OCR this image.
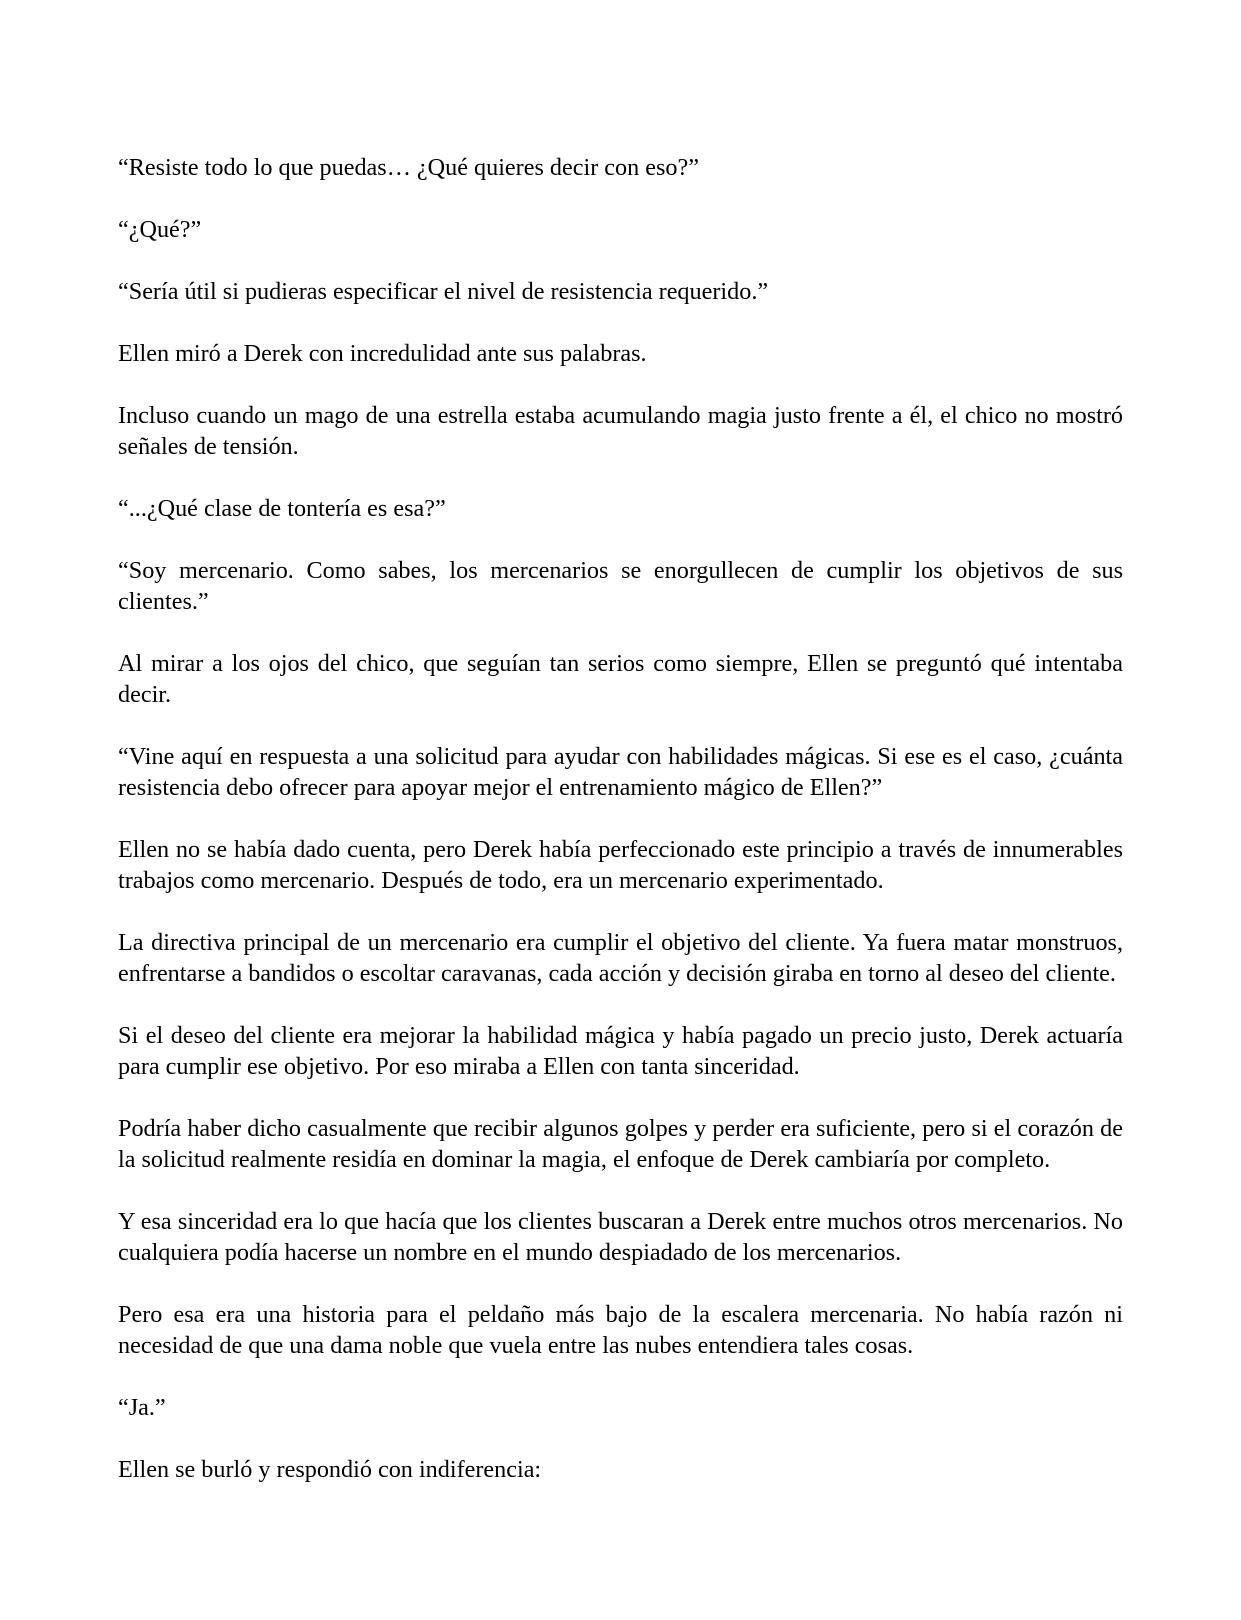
“Resiste todo lo que puedas… ¿Qué quieres decir con eso?”

“¿Qué?”

“Sería útil si pudieras especificar el nivel de resistencia requerido.”

Ellen miró a Derek con incredulidad ante sus palabras.

Incluso cuando un mago de una estrella estaba acumulando magia justo frente a él, el chico no mostró señales de tensión.

“...¿Qué clase de tontería es esa?”

“Soy mercenario. Como sabes, los mercenarios se enorgullecen de cumplir los objetivos de sus clientes.”

Al mirar a los ojos del chico, que seguían tan serios como siempre, Ellen se preguntó qué intentaba decir.

“Vine aquí en respuesta a una solicitud para ayudar con habilidades mágicas. Si ese es el caso, ¿cuánta resistencia debo ofrecer para apoyar mejor el entrenamiento mágico de Ellen?”

Ellen no se había dado cuenta, pero Derek había perfeccionado este principio a través de innumerables trabajos como mercenario. Después de todo, era un mercenario experimentado.

La directiva principal de un mercenario era cumplir el objetivo del cliente. Ya fuera matar monstruos, enfrentarse a bandidos o escoltar caravanas, cada acción y decisión giraba en torno al deseo del cliente.

Si el deseo del cliente era mejorar la habilidad mágica y había pagado un precio justo, Derek actuaría para cumplir ese objetivo. Por eso miraba a Ellen con tanta sinceridad.

Podría haber dicho casualmente que recibir algunos golpes y perder era suficiente, pero si el corazón de la solicitud realmente residía en dominar la magia, el enfoque de Derek cambiaría por completo.

Y esa sinceridad era lo que hacía que los clientes buscaran a Derek entre muchos otros mercenarios. No cualquiera podía hacerse un nombre en el mundo despiadado de los mercenarios.

Pero esa era una historia para el peldaño más bajo de la escalera mercenaria. No había razón ni necesidad de que una dama noble que vuela entre las nubes entendiera tales cosas.

“Ja.”

Ellen se burló y respondió con indiferencia:
